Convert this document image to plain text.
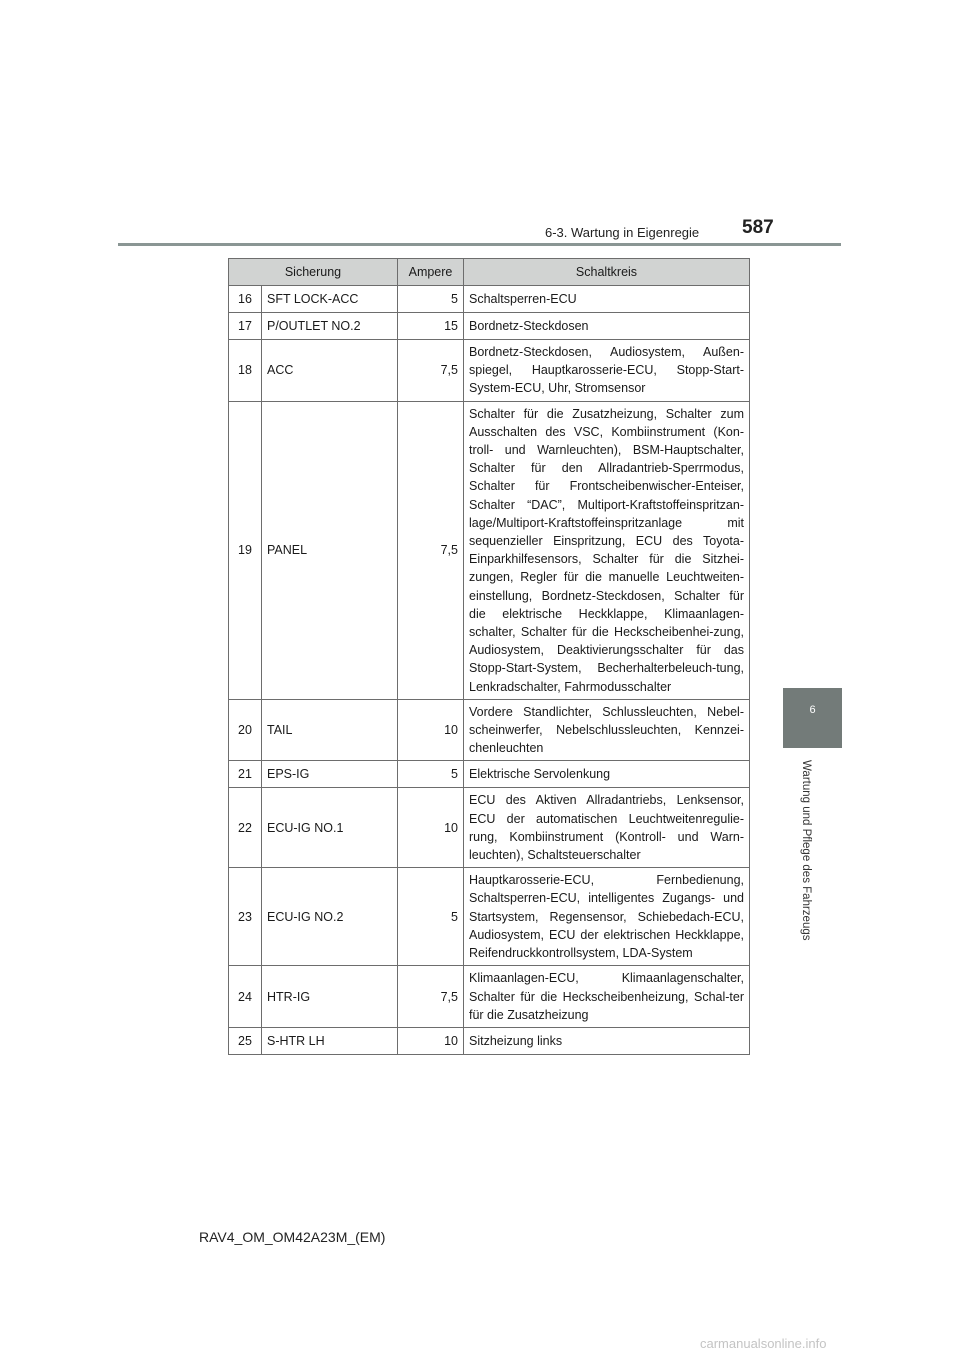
6-3. Wartung in Eigenregie 587
6
Wartung und Pflege des Fahrzeugs
Sicherung		Ampere	Schaltkreis
16	SFT LOCK-ACC	5	Schaltsperren-ECU
17	P/OUTLET NO.2	15	Bordnetz-Steckdosen
18	ACC	7,5	Bordnetz-Steckdosen, Audiosystem, Außen-spiegel, Hauptkarosserie-ECU, Stopp-Start-System-ECU, Uhr, Stromsensor
19	PANEL	7,5	Schalter für die Zusatzheizung, Schalter zum Ausschalten des VSC, Kombiinstrument (Kon-troll- und Warnleuchten), BSM-Hauptschalter, Schalter für den Allradantrieb-Sperrmodus, Schalter für Frontscheibenwischer-Enteiser, Schalter “DAC”, Multiport-Kraftstoffeinspritzan-lage/Multiport-Kraftstoffeinspritzanlage mit sequenzieller Einspritzung, ECU des Toyota-Einparkhilfesensors, Schalter für die Sitzhei-zungen, Regler für die manuelle Leuchtweiten-einstellung, Bordnetz-Steckdosen, Schalter für die elektrische Heckklappe, Klimaanlagen-schalter, Schalter für die Heckscheibenhei-zung, Audiosystem, Deaktivierungsschalter für das Stopp-Start-System, Becherhalterbeleuch-tung, Lenkradschalter, Fahrmodusschalter
20	TAIL	10	Vordere Standlichter, Schlussleuchten, Nebel-scheinwerfer, Nebelschlussleuchten, Kennzei-chenleuchten
21	EPS-IG	5	Elektrische Servolenkung
22	ECU-IG NO.1	10	ECU des Aktiven Allradantriebs, Lenksensor, ECU der automatischen Leuchtweitenregulie-rung, Kombiinstrument (Kontroll- und Warn-leuchten), Schaltsteuerschalter
23	ECU-IG NO.2	5	Hauptkarosserie-ECU, Fernbedienung, Schaltsperren-ECU, intelligentes Zugangs- und Startsystem, Regensensor, Schiebedach-ECU, Audiosystem, ECU der elektrischen Heckklappe, Reifendruckkontrollsystem, LDA-System
24	HTR-IG	7,5	Klimaanlagen-ECU, Klimaanlagenschalter, Schalter für die Heckscheibenheizung, Schal-ter für die Zusatzheizung
25	S-HTR LH	10	Sitzheizung links
RAV4_OM_OM42A23M_(EM)
carmanualsonline.info
